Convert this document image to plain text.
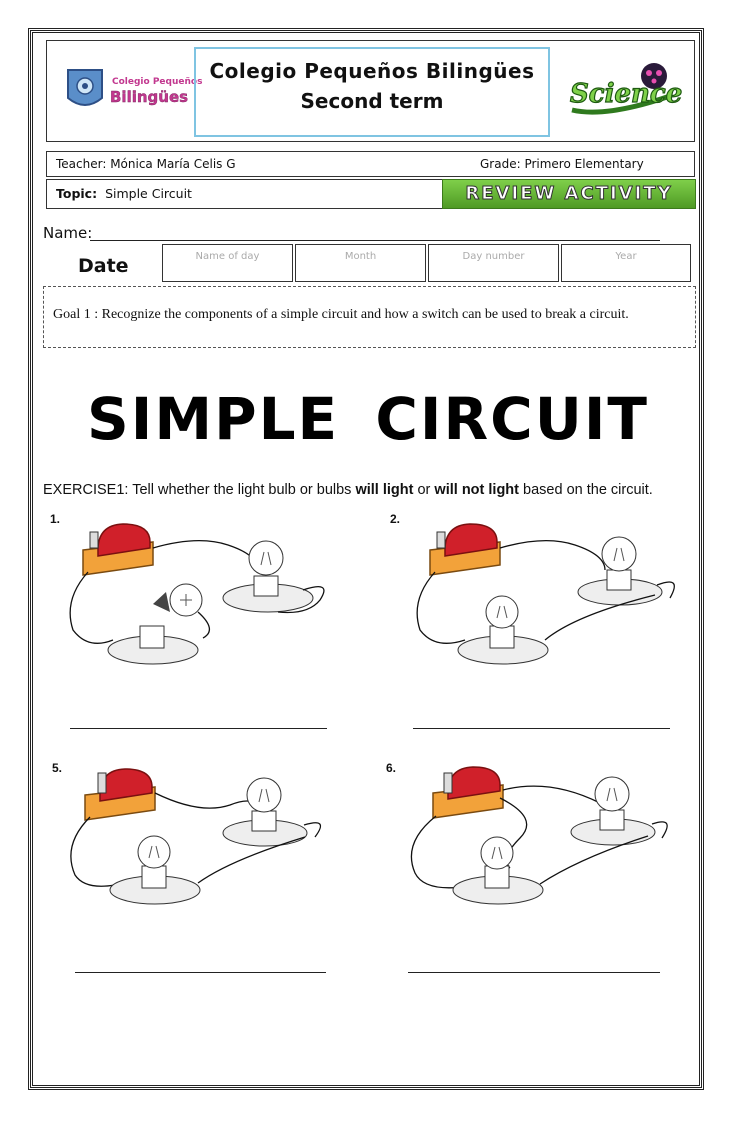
Colegio Pequeños
Bilingües
Colegio Pequeños Bilingües
Second term	Science
Teacher: Mónica María Celis G	Grade: Primero Elementary
Topic: Simple Circuit	REVIEW ACTIVITY
Name:
Date	Name of day	Month	Day number	Year
Goal 1 : Recognize the components of a simple circuit and how a switch can be used to break a circuit.
SIMPLE CIRCUIT
EXERCISE1: Tell whether the light bulb or bulbs will light or will not light based on the circuit.
1.	2.
5.	6.
